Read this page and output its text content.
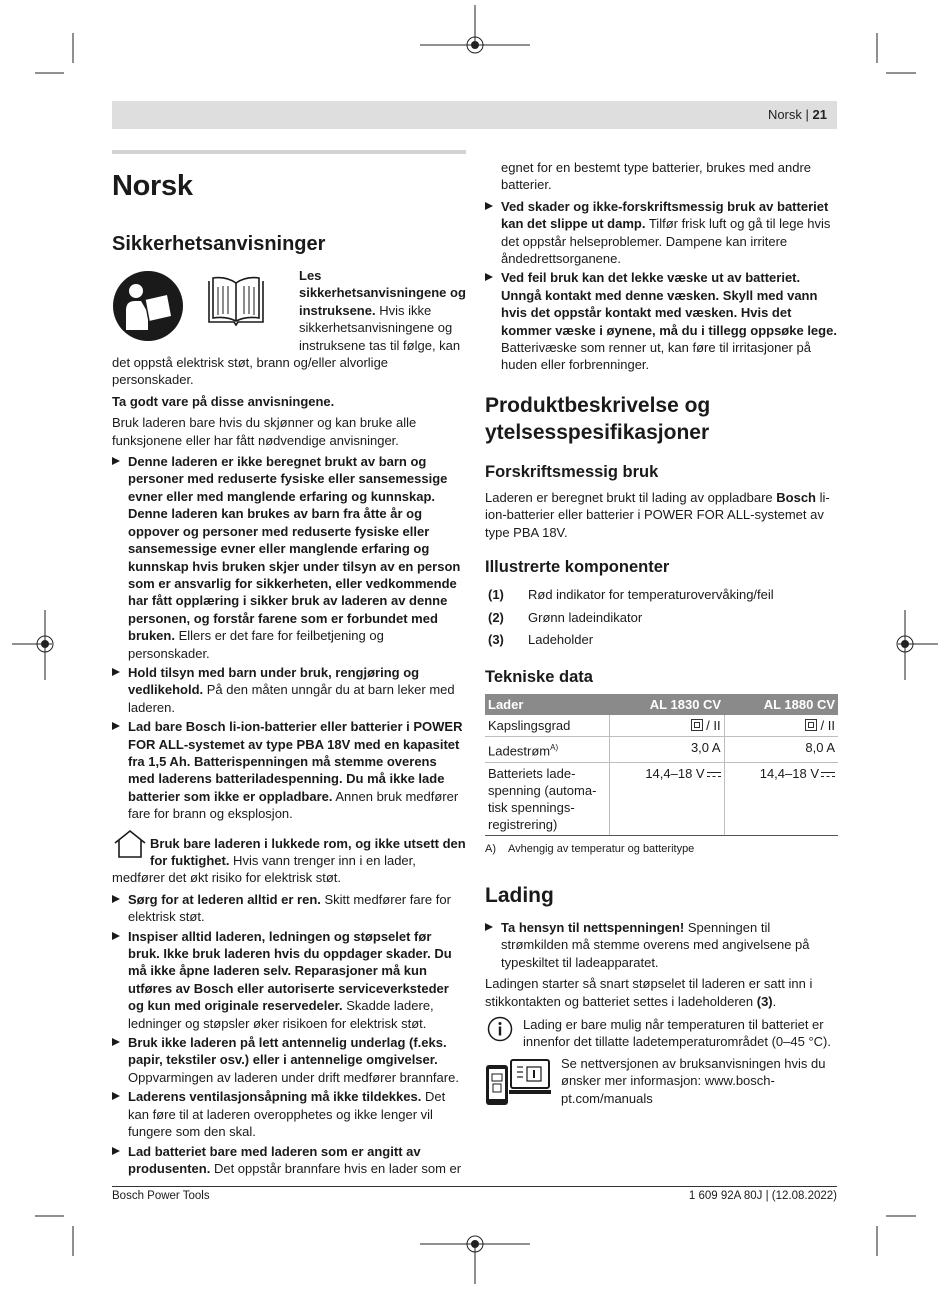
Norsk | 21
Norsk
Sikkerhetsanvisninger

Les sikkerhetsanvisningene og instruksene. Hvis ikke sikkerhetsanvisningene og instruksene tas til følge, kan det oppstå elektrisk støt, brann og/eller alvorlige personskader.

Ta godt vare på disse anvisningene.

Bruk laderen bare hvis du skjønner og kan bruke alle funksjonene eller har fått nødvendige anvisninger.

Denne laderen er ikke beregnet brukt av barn og personer med reduserte fysiske eller sansemessige evner eller med manglende erfaring og kunnskap. Denne laderen kan brukes av barn fra åtte år og oppover og personer med reduserte fysiske eller sansemessige evner eller manglende erfaring og kunnskap hvis bruken skjer under tilsyn av en person som er ansvarlig for sikkerheten, eller vedkommende har fått opplæring i sikker bruk av laderen av denne personen, og forstår farene som er forbundet med bruken. Ellers er det fare for feilbetjening og personskader.
Hold tilsyn med barn under bruk, rengjøring og vedlikehold. På den måten unngår du at barn leker med laderen.
Lad bare Bosch li-ion-batterier eller batterier i POWER FOR ALL-systemet av type PBA 18V med en kapasitet fra 1,5 Ah. Batterispenningen må stemme overens med laderens batteriladespenning. Du må ikke lade batterier som ikke er oppladbare. Annen bruk medfører fare for brann og eksplosjon.

Bruk bare laderen i lukkede rom, og ikke utsett den for fuktighet. Hvis vann trenger inn i en lader, medfører det økt risiko for elektrisk støt.

Sørg for at lederen alltid er ren. Skitt medfører fare for elektrisk støt.
Inspiser alltid laderen, ledningen og støpselet før bruk. Ikke bruk laderen hvis du oppdager skader. Du må ikke åpne laderen selv. Reparasjoner må kun utføres av Bosch eller autoriserte serviceverksteder og kun med originale reservedeler. Skadde ladere, ledninger og støpsler øker risikoen for elektrisk støt.
Bruk ikke laderen på lett antennelig underlag (f.eks. papir, tekstiler osv.) eller i antennelige omgivelser. Oppvarmingen av laderen under drift medfører brannfare.
Laderens ventilasjonsåpning må ikke tildekkes. Det kan føre til at laderen overopphetes og ikke lenger vil fungere som den skal.
Lad batteriet bare med laderen som er angitt av produsenten. Det oppstår brannfare hvis en lader som er

egnet for en bestemt type batterier, brukes med andre batterier.

Ved skader og ikke-forskriftsmessig bruk av batteriet kan det slippe ut damp. Tilfør frisk luft og gå til lege hvis det oppstår helseproblemer. Dampene kan irritere åndedrettsorganene.
Ved feil bruk kan det lekke væske ut av batteriet. Unngå kontakt med denne væsken. Skyll med vann hvis det oppstår kontakt med væsken. Hvis det kommer væske i øynene, må du i tillegg oppsøke lege. Batterivæske som renner ut, kan føre til irritasjoner på huden eller forbrenninger.
Produktbeskrivelse og ytelsesspesifikasjoner
Forskriftsmessig bruk

Laderen er beregnet brukt til lading av oppladbare Bosch li-ion-batterier eller batterier i POWER FOR ALL-systemet av type PBA 18V.

Illustrerte komponenter
(1)	Rød indikator for temperaturovervåking/feil
(2)	Grønn ladeindikator
(3)	Ladeholder
Tekniske data
Lader	AL 1830 CV	AL 1880 CV
Kapslingsgrad	/ II	/ II
Ladestrøm$^{A)}$	3,0 A	8,0 A
Batteriets lade-spenning (automa-tisk spennings-registrering)	14,4–18 V	14,4–18 V
A) Avhengig av temperatur og batteritype
Lading
Ta hensyn til nettspenningen! Spenningen til strømkilden må stemme overens med angivelsene på typeskiltet til ladeapparatet.

Ladingen starter så snart støpselet til laderen er satt inn i stikkontakten og batteriet settes i ladeholderen (3).

Lading er bare mulig når temperaturen til batteriet er innenfor det tillatte ladetemperaturområdet (0–45 °C).

Se nettversjonen av bruksanvisningen hvis du ønsker mer informasjon: www.bosch-pt.com/manuals

Bosch Power Tools	1 609 92A 80J | (12.08.2022)
